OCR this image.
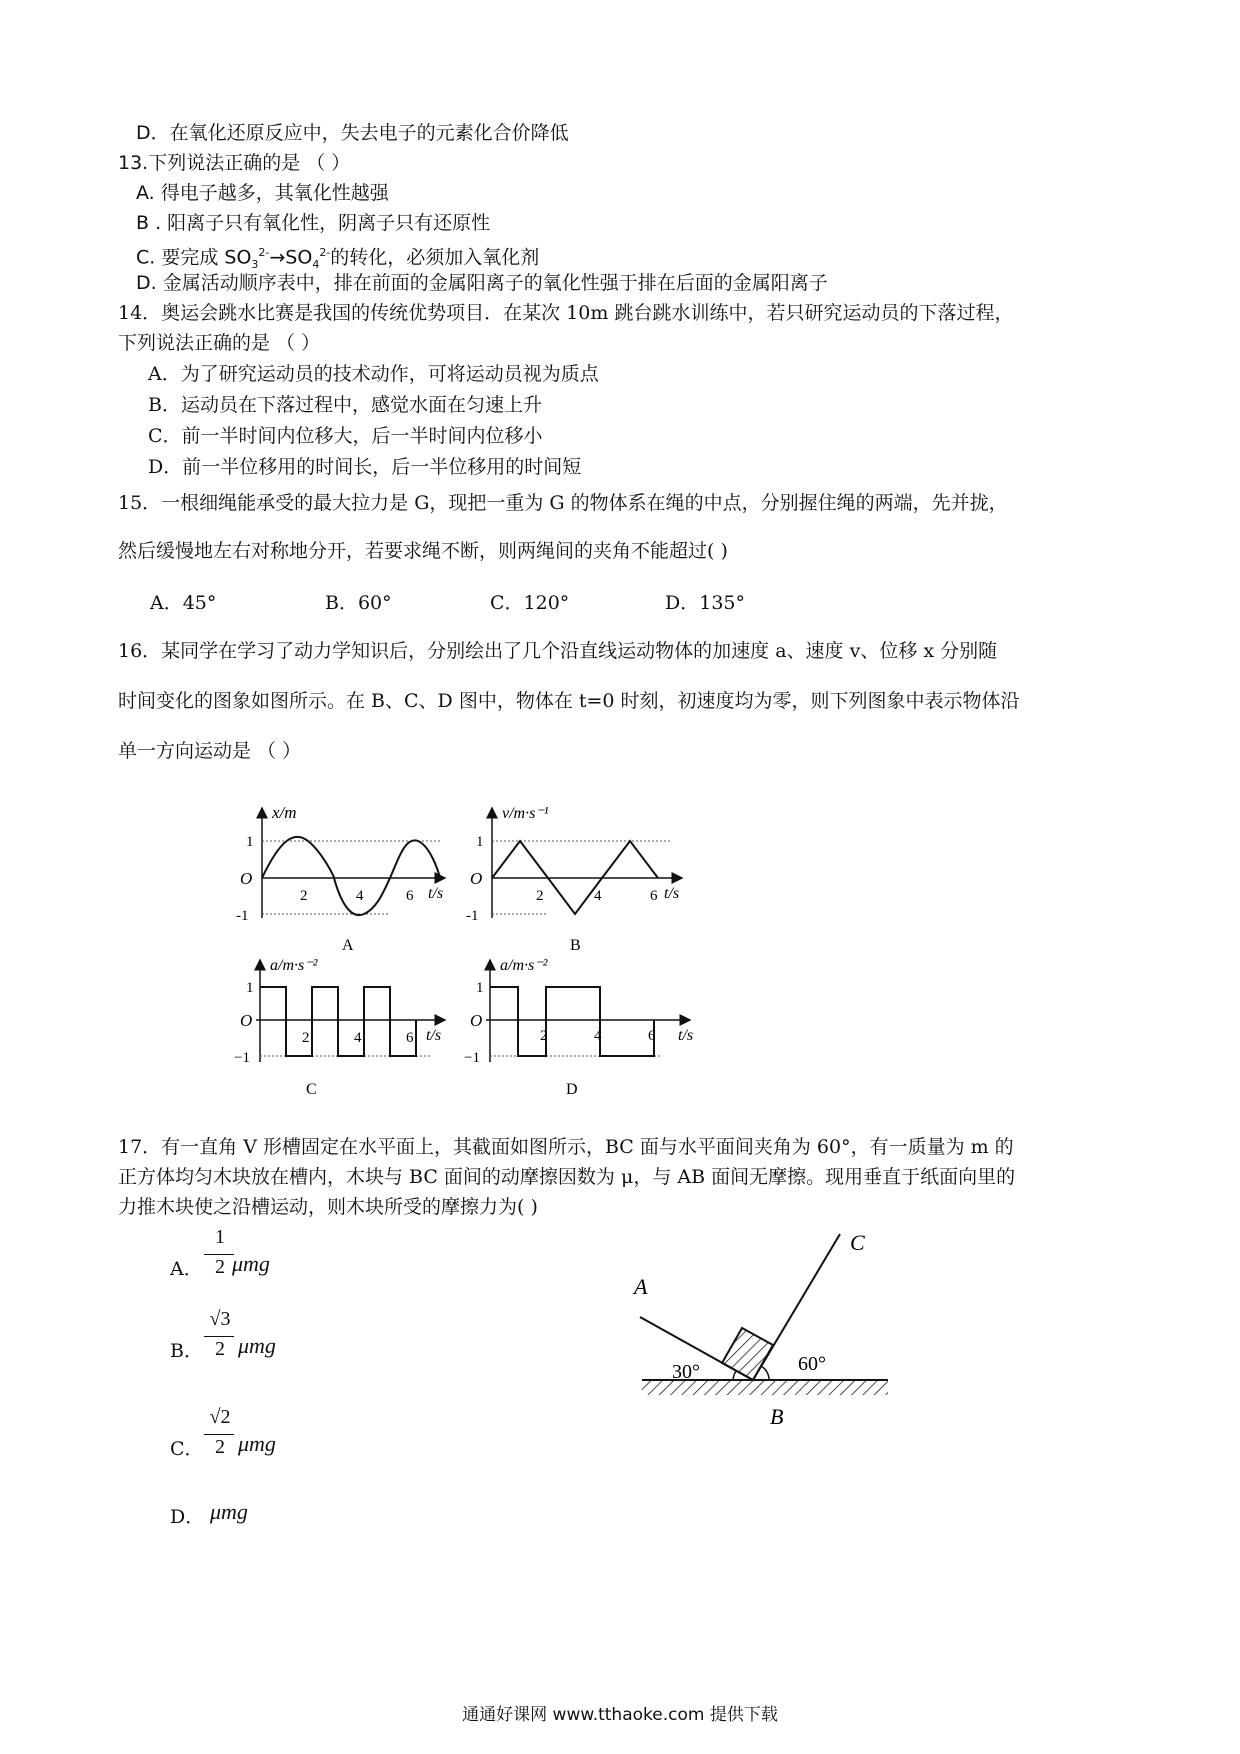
D．在氧化还原反应中，失去电子的元素化合价降低
13.下列说法正确的是 （ ）
A. 得电子越多，其氧化性越强
B . 阳离子只有氧化性，阴离子只有还原性
C. 要完成 $SO_3^{2-}\to SO_4^{2-}$的转化，必须加入氧化剂
D. 金属活动顺序表中，排在前面的金属阳离子的氧化性强于排在后面的金属阳离子
14．奥运会跳水比赛是我国的传统优势项目．在某次 10m 跳台跳水训练中，若只研究运动员的下落过程，
下列说法正确的是 （ ）
A．为了研究运动员的技术动作，可将运动员视为质点
B．运动员在下落过程中，感觉水面在匀速上升
C．前一半时间内位移大，后一半时间内位移小
D．前一半位移用的时间长，后一半位移用的时间短
15．一根细绳能承受的最大拉力是 G，现把一重为 G 的物体系在绳的中点，分别握住绳的两端，先并拢，
然后缓慢地左右对称地分开，若要求绳不断，则两绳间的夹角不能超过( )
A．45°	B．60°	C．120°	D．135°
16．某同学在学习了动力学知识后，分别绘出了几个沿直线运动物体的加速度 a、速度 v、位移 x 分别随
时间变化的图象如图所示。在 B、C、D 图中，物体在 t=0 时刻，初速度均为零，则下列图象中表示物体沿
单一方向运动是 （ ）
x/m
O
1
-1
2	4	6 t/s
A
v/m·s⁻¹
O
1
-1
2	4	6 t/s
B
a/m·s⁻²
O
1
−1
2	4	6 t/s
C
a/m·s⁻²
O
1
−1
2	4	6 t/s
D
17．有一直角 V 形槽固定在水平面上，其截面如图所示，BC 面与水平面间夹角为 60°，有一质量为 m 的
正方体均匀木块放在槽内，木块与 BC 面间的动摩擦因数为 μ，与 AB 面间无摩擦。现用垂直于纸面向里的
力推木块使之沿槽运动，则木块所受的摩擦力为( )
A．
1
2 μmg
B．
√3
2 μmg
C．
√2
2 μmg
D． μmg
A
C
B
30°	60°
通通好课网 www.tthaoke.com 提供下载
